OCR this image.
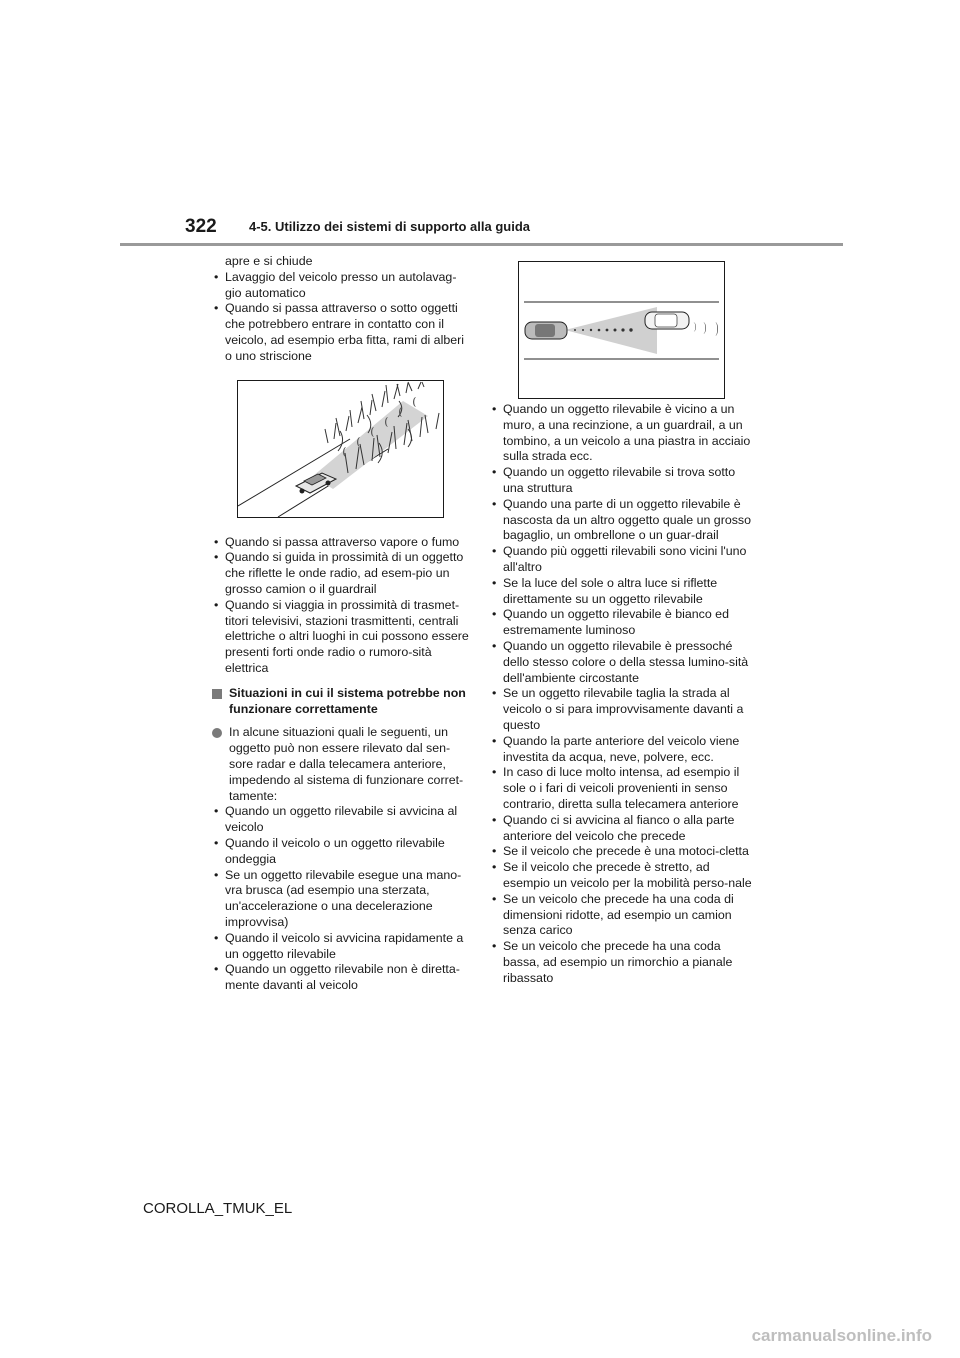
322 4-5. Utilizzo dei sistemi di supporto alla guida
apre e si chiude
• Lavaggio del veicolo presso un autolavag-gio automatico
• Quando si passa attraverso o sotto oggetti che potrebbero entrare in contatto con il veicolo, ad esempio erba fitta, rami di alberi o uno striscione
• Quando si passa attraverso vapore o fumo
• Quando si guida in prossimità di un oggetto che riflette le onde radio, ad esem-pio un grosso camion o il guardrail
• Quando si viaggia in prossimità di trasmet-titori televisivi, stazioni trasmittenti, centrali elettriche o altri luoghi in cui possono essere presenti forti onde radio o rumoro-sità elettrica
Situazioni in cui il sistema potrebbe non funzionare correttamente
In alcune situazioni quali le seguenti, un oggetto può non essere rilevato dal sen-sore radar e dalla telecamera anteriore, impedendo al sistema di funzionare corret-tamente:
• Quando un oggetto rilevabile si avvicina al veicolo
• Quando il veicolo o un oggetto rilevabile ondeggia
• Se un oggetto rilevabile esegue una mano-vra brusca (ad esempio una sterzata, un'accelerazione o una decelerazione improvvisa)
• Quando il veicolo si avvicina rapidamente a un oggetto rilevabile
• Quando un oggetto rilevabile non è diretta-mente davanti al veicolo
• Quando un oggetto rilevabile è vicino a un muro, a una recinzione, a un guardrail, a un tombino, a un veicolo a una piastra in acciaio sulla strada ecc.
• Quando un oggetto rilevabile si trova sotto una struttura
• Quando una parte di un oggetto rilevabile è nascosta da un altro oggetto quale un grosso bagaglio, un ombrellone o un guar-drail
• Quando più oggetti rilevabili sono vicini l'uno all'altro
• Se la luce del sole o altra luce si riflette direttamente su un oggetto rilevabile
• Quando un oggetto rilevabile è bianco ed estremamente luminoso
• Quando un oggetto rilevabile è pressoché dello stesso colore o della stessa lumino-sità dell'ambiente circostante
• Se un oggetto rilevabile taglia la strada al veicolo o si para improvvisamente davanti a questo
• Quando la parte anteriore del veicolo viene investita da acqua, neve, polvere, ecc.
• In caso di luce molto intensa, ad esempio il sole o i fari di veicoli provenienti in senso contrario, diretta sulla telecamera anteriore
• Quando ci si avvicina al fianco o alla parte anteriore del veicolo che precede
• Se il veicolo che precede è una motoci-cletta
• Se il veicolo che precede è stretto, ad esempio un veicolo per la mobilità perso-nale
• Se un veicolo che precede ha una coda di dimensioni ridotte, ad esempio un camion senza carico
• Se un veicolo che precede ha una coda bassa, ad esempio un rimorchio a pianale ribassato
COROLLA_TMUK_EL
carmanualsonline.info
